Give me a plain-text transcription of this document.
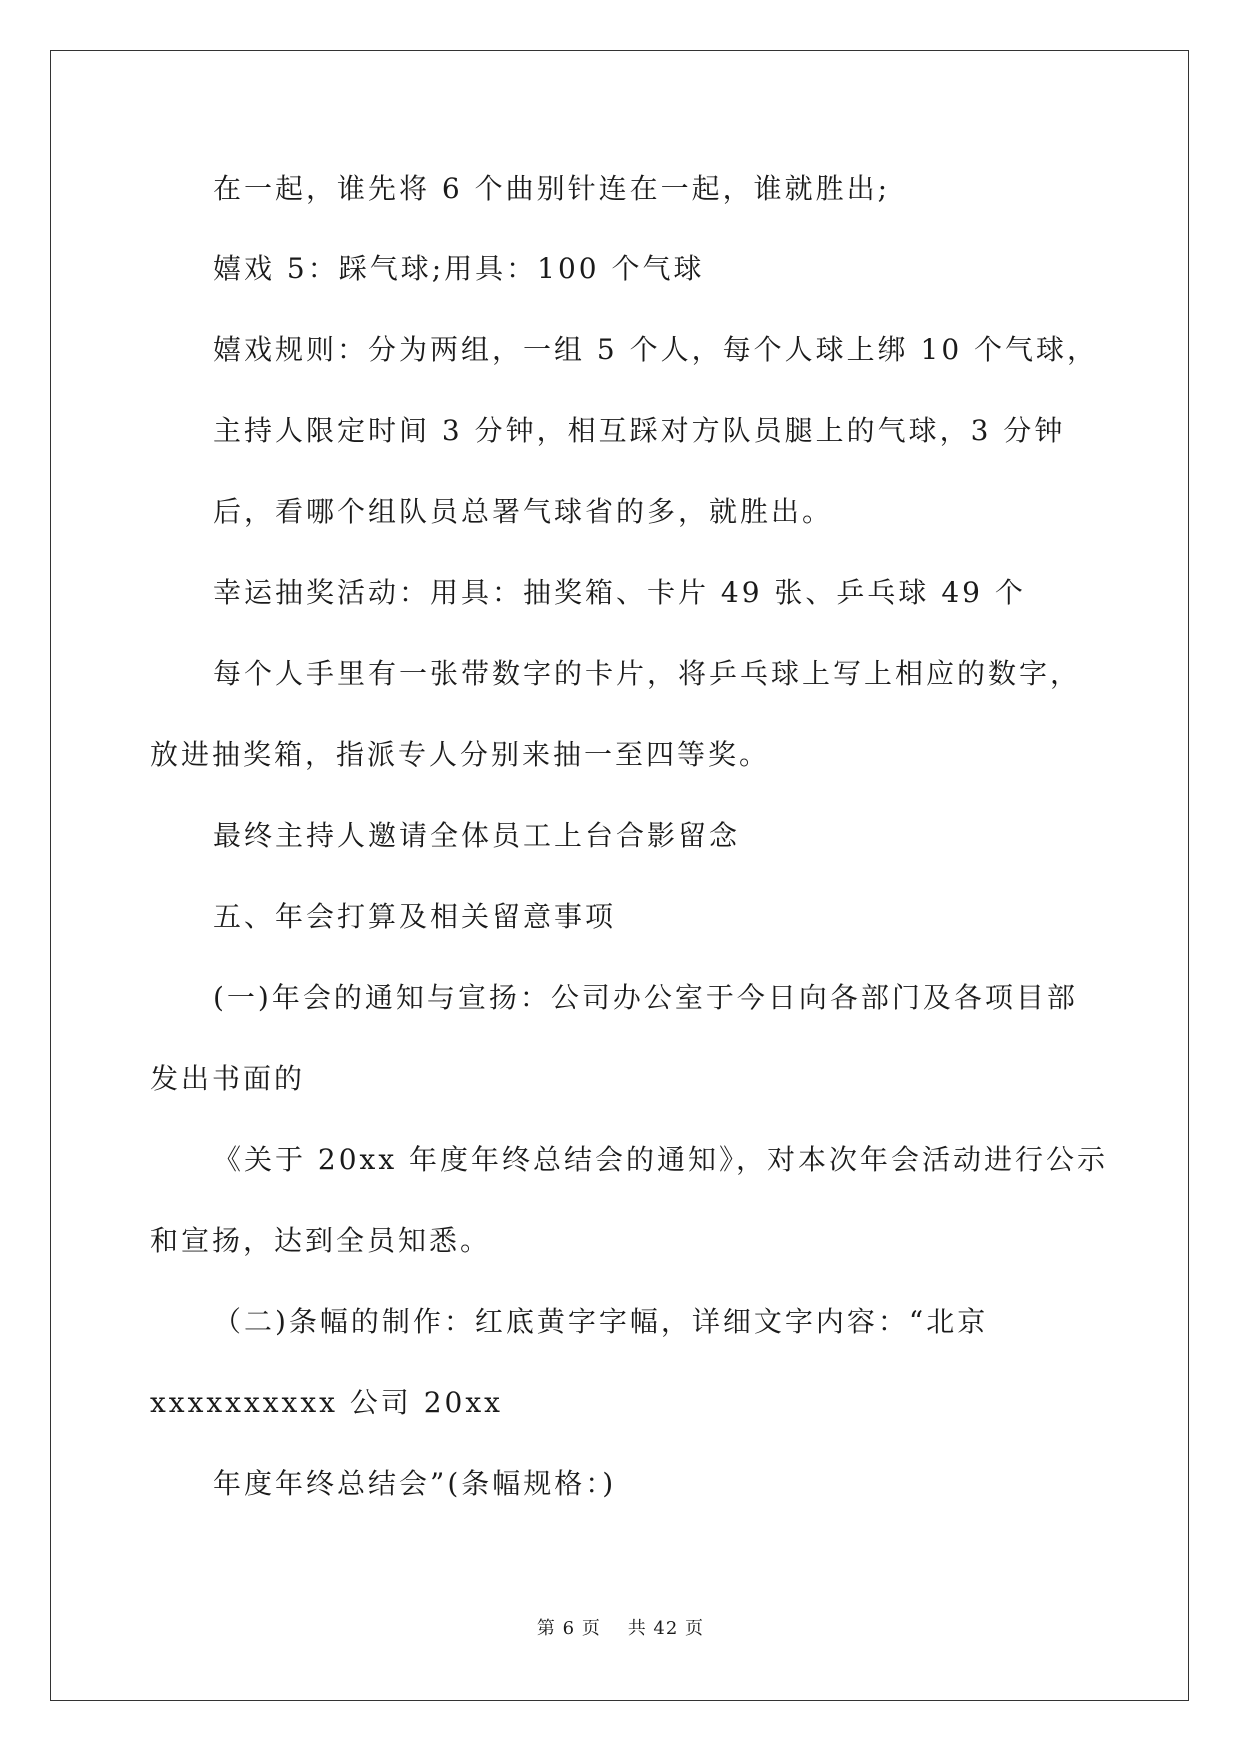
在一起，谁先将 6 个曲别针连在一起，谁就胜出;
嬉戏 5：踩气球;用具：100 个气球
嬉戏规则：分为两组，一组 5 个人，每个人球上绑 10 个气球，
主持人限定时间 3 分钟，相互踩对方队员腿上的气球，3 分钟
后，看哪个组队员总署气球省的多，就胜出。
幸运抽奖活动：用具：抽奖箱、卡片 49 张、乒乓球 49 个
每个人手里有一张带数字的卡片，将乒乓球上写上相应的数字，
放进抽奖箱，指派专人分别来抽一至四等奖。
最终主持人邀请全体员工上台合影留念
五、年会打算及相关留意事项
(一)年会的通知与宣扬：公司办公室于今日向各部门及各项目部
发出书面的
《关于 20xx 年度年终总结会的通知》，对本次年会活动进行公示
和宣扬，达到全员知悉。
（二)条幅的制作：红底黄字字幅，详细文字内容：“北京
xxxxxxxxxx 公司 20xx
年度年终总结会”(条幅规格：)
第 6 页    共 42 页
